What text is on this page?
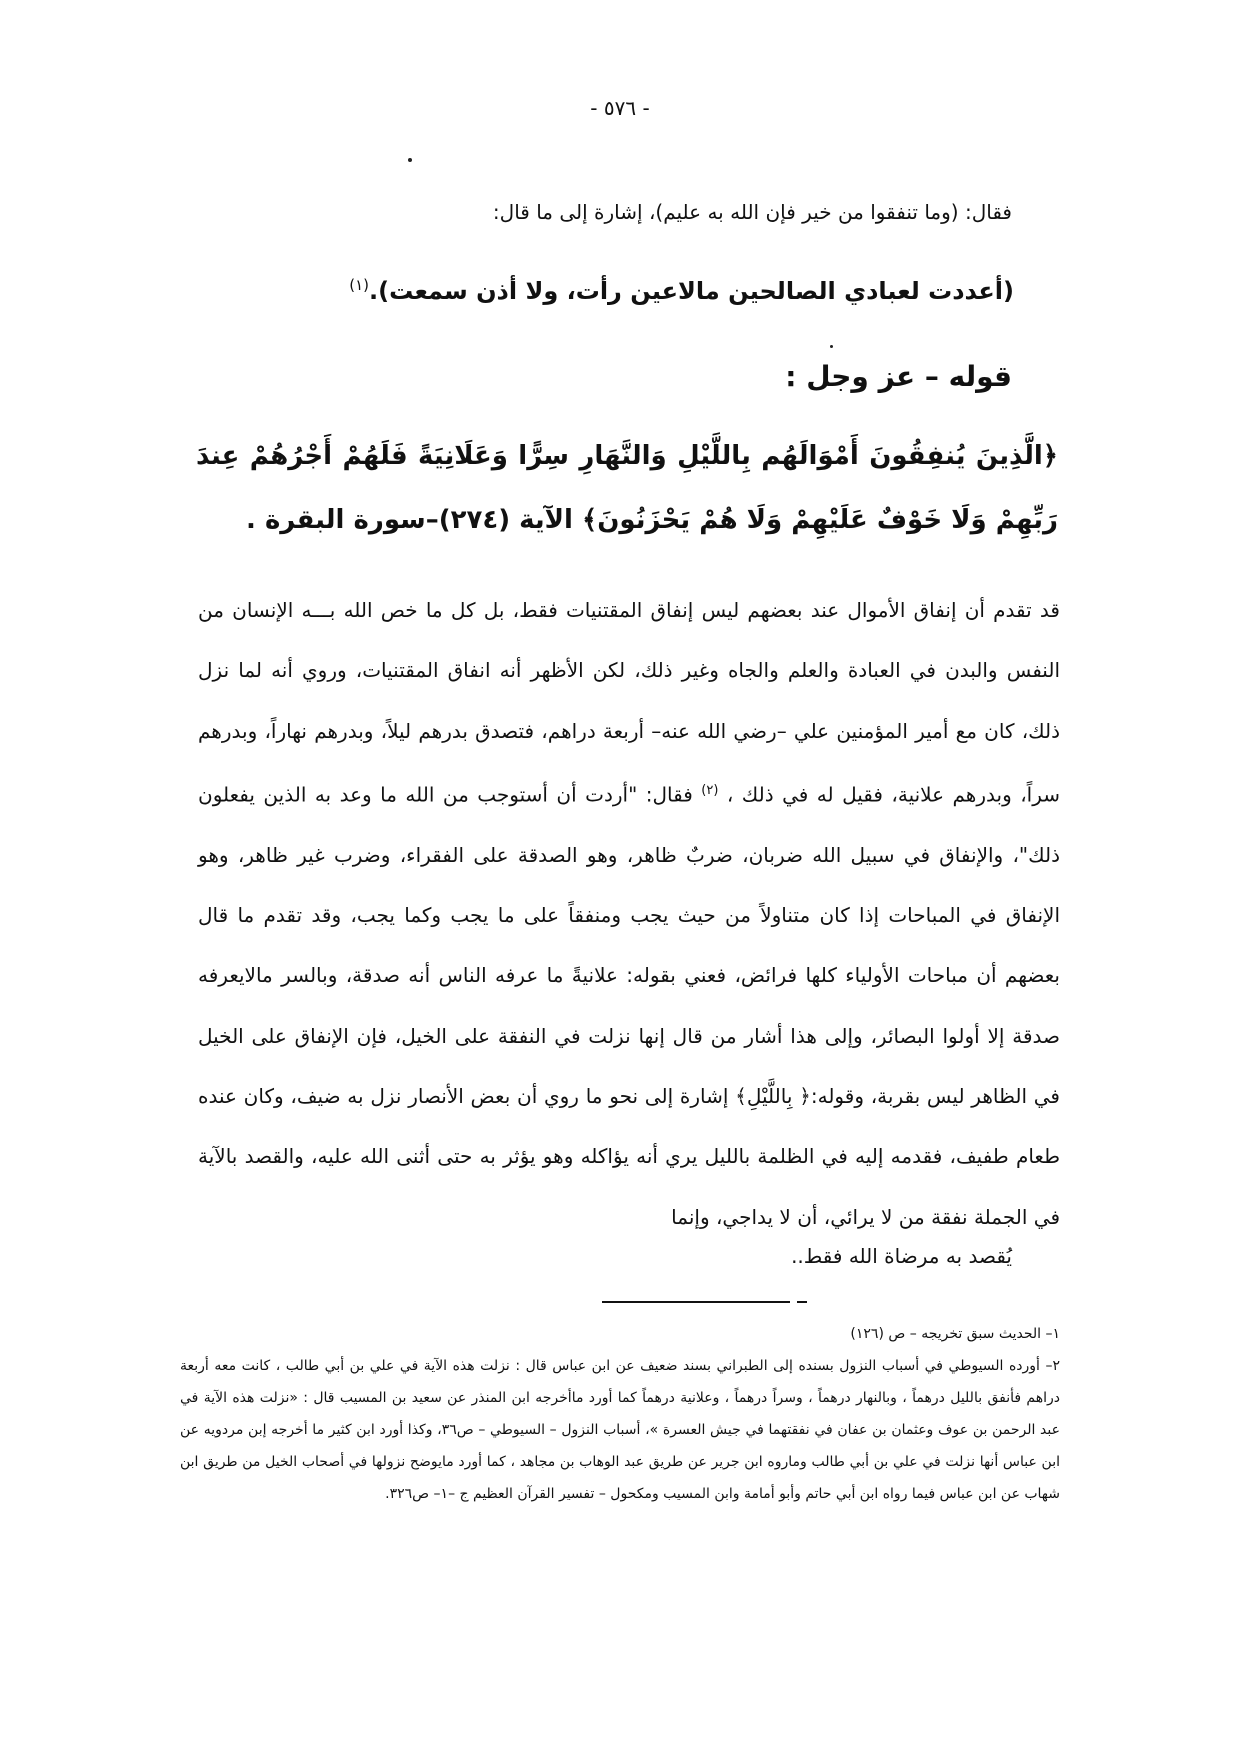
- ٥٧٦ -
فقال: (وما تنفقوا من خير فإن الله به عليم)، إشارة إلى ما قال:
(أعددت لعبادي الصالحين مالاعين رأت، ولا أذن سمعت).$^{(١)}$
قوله – عز وجل :
﴿الَّذِينَ يُنفِقُونَ أَمْوَالَهُم بِاللَّيْلِ وَالنَّهَارِ سِرًّا وَعَلَانِيَةً فَلَهُمْ أَجْرُهُمْ عِندَ رَبِّهِمْ وَلَا خَوْفٌ عَلَيْهِمْ وَلَا هُمْ يَحْزَنُونَ﴾ الآية (٢٧٤)–سورة البقرة .

قد تقدم أن إنفاق الأموال عند بعضهم ليس إنفاق المقتنيات فقط، بل كل ما خص الله بـــه الإنسان من النفس والبدن في العبادة والعلم والجاه وغير ذلك، لكن الأظهر أنه انفاق المقتنيات، وروي أنه لما نزل ذلك، كان مع أمير المؤمنين علي –رضي الله عنه– أربعة دراهم، فتصدق بدرهم ليلاً، وبدرهم نهاراً، وبدرهم سراً، وبدرهم علانية، فقيل له في ذلك ، $^{(٢)}$ فقال: "أردت أن أستوجب من الله ما وعد به الذين يفعلون ذلك"، والإنفاق في سبيل الله ضربان، ضربٌ ظاهر، وهو الصدقة على الفقراء، وضرب غير ظاهر، وهو الإنفاق في المباحات إذا كان متناولاً من حيث يجب ومنفقاً على ما يجب وكما يجب، وقد تقدم ما قال بعضهم أن مباحات الأولياء كلها فرائض، فعني بقوله: علانيةً ما عرفه الناس أنه صدقة، وبالسر مالايعرفه صدقة إلا أولوا البصائر، وإلى هذا أشار من قال إنها نزلت في النفقة على الخيل، فإن الإنفاق على الخيل في الظاهر ليس بقربة، وقوله:﴿ بِاللَّيْلِ﴾ إشارة إلى نحو ما روي أن بعض الأنصار نزل به ضيف، وكان عنده طعام طفيف، فقدمه إليه في الظلمة بالليل يري أنه يؤاكله وهو يؤثر به حتى أثنى الله عليه، والقصد بالآية في الجملة نفقة من لا يرائي، أن لا يداجي، وإنما

يُقصد به مرضاة الله فقط..

١– الحديث سبق تخريجه – ص (١٢٦)

٢– أورده السيوطي في أسباب النزول بسنده إلى الطبراني بسند ضعيف عن ابن عباس قال : نزلت هذه الآية في علي بن أبي طالب ، كانت معه أربعة دراهم فأنفق بالليل درهماً ، وبالنهار درهماً ، وسراً درهماً ، وعلانية درهماً كما أورد ماأخرجه ابن المنذر عن سعيد بن المسيب قال : «نزلت هذه الآية في عبد الرحمن بن عوف وعثمان بن عفان في نفقتهما في جيش العسرة »، أسباب النزول – السيوطي – ص٣٦، وكذا أورد ابن كثير ما أخرجه إبن مردويه عن ابن عباس أنها نزلت في علي بن أبي طالب وماروه ابن جرير عن طريق عبد الوهاب بن مجاهد ، كما أورد مايوضح نزولها في أصحاب الخيل من طريق ابن شهاب عن ابن عباس فيما رواه ابن أبي حاتم وأبو أمامة وابن المسيب ومكحول – تفسير القرآن العظيم ج –١– ص٣٢٦.
